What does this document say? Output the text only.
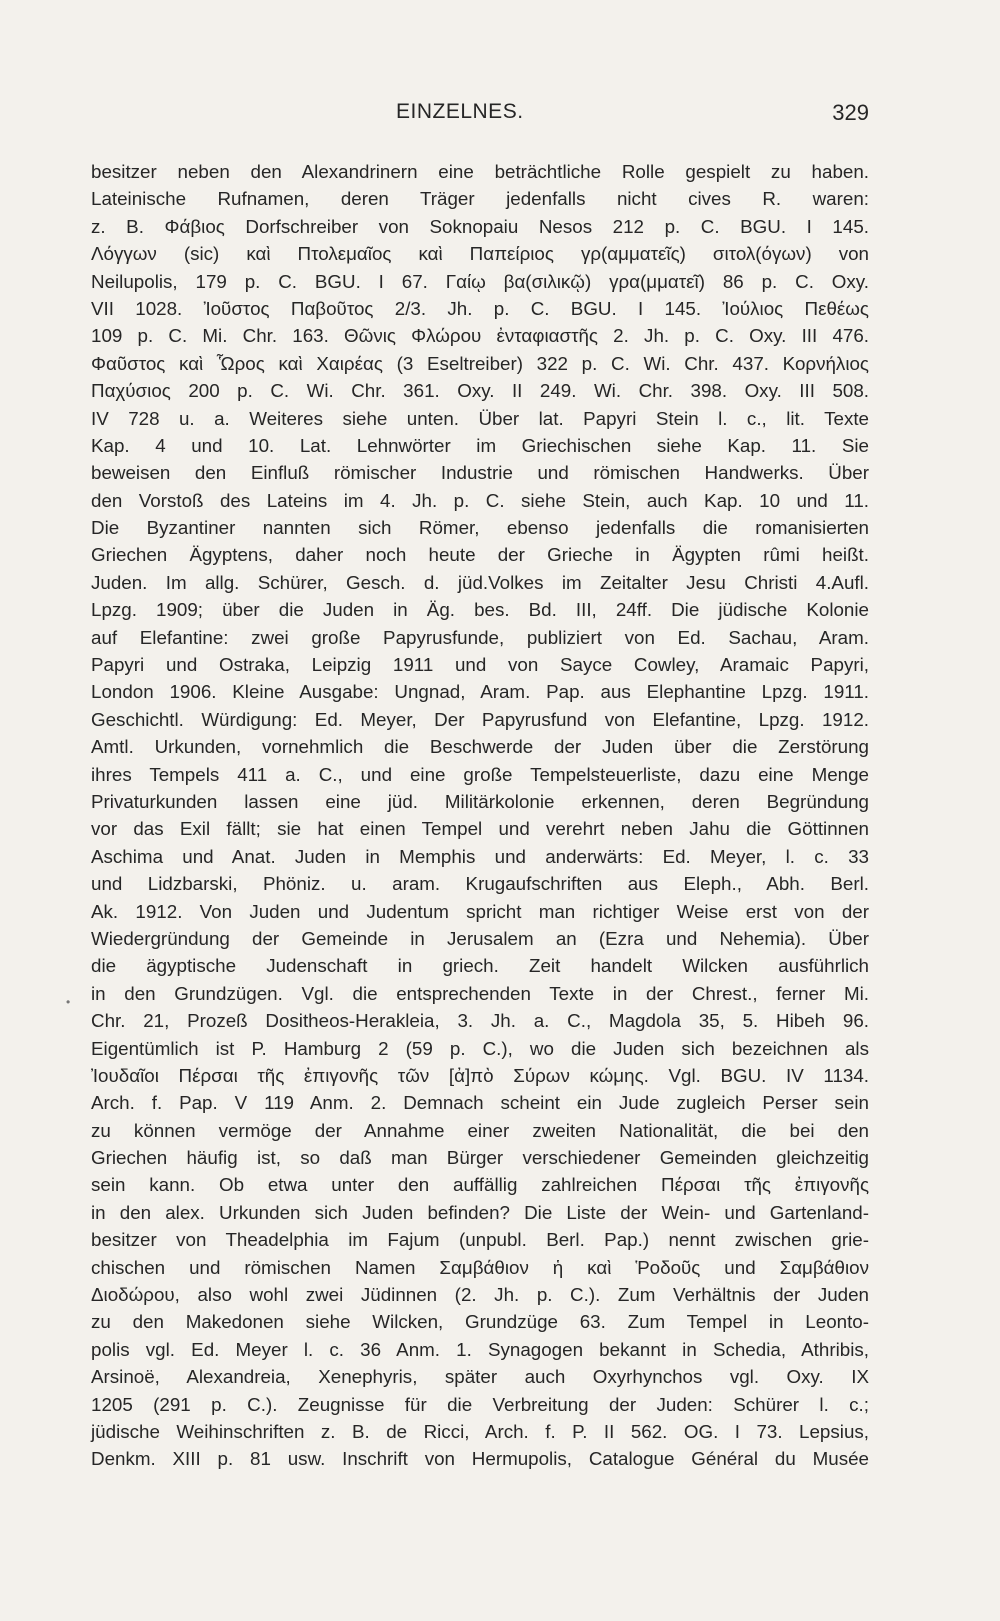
EINZELNES.	329
•
besitzer neben den Alexandrinern eine beträchtliche Rolle gespielt zu haben.
Lateinische Rufnamen, deren Träger jedenfalls nicht cives R. waren:
z. B. Φάβιος Dorfschreiber von Soknopaiu Nesos 212 p. C. BGU. I 145.
Λόγγων (sic) καὶ Πτολεμαῖος καὶ Παπείριος γρ(αμματεῖς) σιτολ(όγων) von
Neilupolis, 179 p. C. BGU. I 67. Γαίῳ βα(σιλικῷ) γρα(μματεῖ) 86 p. C. Oxy.
VII 1028. Ἰοῦστος Παβοῦτος 2/3. Jh. p. C. BGU. I 145. Ἰούλιος Πεθέως
109 p. C. Mi. Chr. 163. Θῶνις Φλώρου ἐνταφιαστῆς 2. Jh. p. C. Oxy. III 476.
Φαῦστος καὶ Ὧρος καὶ Χαιρέας (3 Eseltreiber) 322 p. C. Wi. Chr. 437. Κορνήλιος
Παχύσιος 200 p. C. Wi. Chr. 361. Oxy. II 249. Wi. Chr. 398. Oxy. III 508.
IV 728 u. a. Weiteres siehe unten. Über lat. Papyri Stein l. c., lit. Texte
Kap. 4 und 10. Lat. Lehnwörter im Griechischen siehe Kap. 11. Sie
beweisen den Einfluß römischer Industrie und römischen Handwerks. Über
den Vorstoß des Lateins im 4. Jh. p. C. siehe Stein, auch Kap. 10 und 11.
Die Byzantiner nannten sich Römer, ebenso jedenfalls die romanisierten
Griechen Ägyptens, daher noch heute der Grieche in Ägypten rûmi heißt.
Juden. Im allg. Schürer, Gesch. d. jüd.Volkes im Zeitalter Jesu Christi 4.Aufl.
Lpzg. 1909; über die Juden in Äg. bes. Bd. III, 24ff. Die jüdische Kolonie
auf Elefantine: zwei große Papyrusfunde, publiziert von Ed. Sachau, Aram.
Papyri und Ostraka, Leipzig 1911 und von Sayce Cowley, Aramaic Papyri,
London 1906. Kleine Ausgabe: Ungnad, Aram. Pap. aus Elephantine Lpzg. 1911.
Geschichtl. Würdigung: Ed. Meyer, Der Papyrusfund von Elefantine, Lpzg. 1912.
Amtl. Urkunden, vornehmlich die Beschwerde der Juden über die Zerstörung
ihres Tempels 411 a. C., und eine große Tempelsteuerliste, dazu eine Menge
Privaturkunden lassen eine jüd. Militärkolonie erkennen, deren Begründung
vor das Exil fällt; sie hat einen Tempel und verehrt neben Jahu die Göttinnen
Aschima und Anat. Juden in Memphis und anderwärts: Ed. Meyer, l. c. 33
und Lidzbarski, Phöniz. u. aram. Krugaufschriften aus Eleph., Abh. Berl.
Ak. 1912. Von Juden und Judentum spricht man richtiger Weise erst von der
Wiedergründung der Gemeinde in Jerusalem an (Ezra und Nehemia). Über
die ägyptische Judenschaft in griech. Zeit handelt Wilcken ausführlich
in den Grundzügen. Vgl. die entsprechenden Texte in der Chrest., ferner Mi.
Chr. 21, Prozeß Dositheos-Herakleia, 3. Jh. a. C., Magdola 35, 5. Hibeh 96.
Eigentümlich ist P. Hamburg 2 (59 p. C.), wo die Juden sich bezeichnen als
Ἰουδαῖοι Πέρσαι τῆς ἐπιγονῆς τῶν [ἀ]πὸ Σύρων κώμης. Vgl. BGU. IV 1134.
Arch. f. Pap. V 119 Anm. 2. Demnach scheint ein Jude zugleich Perser sein
zu können vermöge der Annahme einer zweiten Nationalität, die bei den
Griechen häufig ist, so daß man Bürger verschiedener Gemeinden gleichzeitig
sein kann. Ob etwa unter den auffällig zahlreichen Πέρσαι τῆς ἐπιγονῆς
in den alex. Urkunden sich Juden befinden? Die Liste der Wein- und Gartenland-
besitzer von Theadelphia im Fajum (unpubl. Berl. Pap.) nennt zwischen grie-
chischen und römischen Namen Σαμβάθιον ἡ καὶ Ῥοδοῦς und Σαμβάθιον
Διοδώρου, also wohl zwei Jüdinnen (2. Jh. p. C.). Zum Verhältnis der Juden
zu den Makedonen siehe Wilcken, Grundzüge 63. Zum Tempel in Leonto-
polis vgl. Ed. Meyer l. c. 36 Anm. 1. Synagogen bekannt in Schedia, Athribis,
Arsinoë, Alexandreia, Xenephyris, später auch Oxyrhynchos vgl. Oxy. IX
1205 (291 p. C.). Zeugnisse für die Verbreitung der Juden: Schürer l. c.;
jüdische Weihinschriften z. B. de Ricci, Arch. f. P. II 562. OG. I 73. Lepsius,
Denkm. XIII p. 81 usw. Inschrift von Hermupolis, Catalogue Général du Musée
